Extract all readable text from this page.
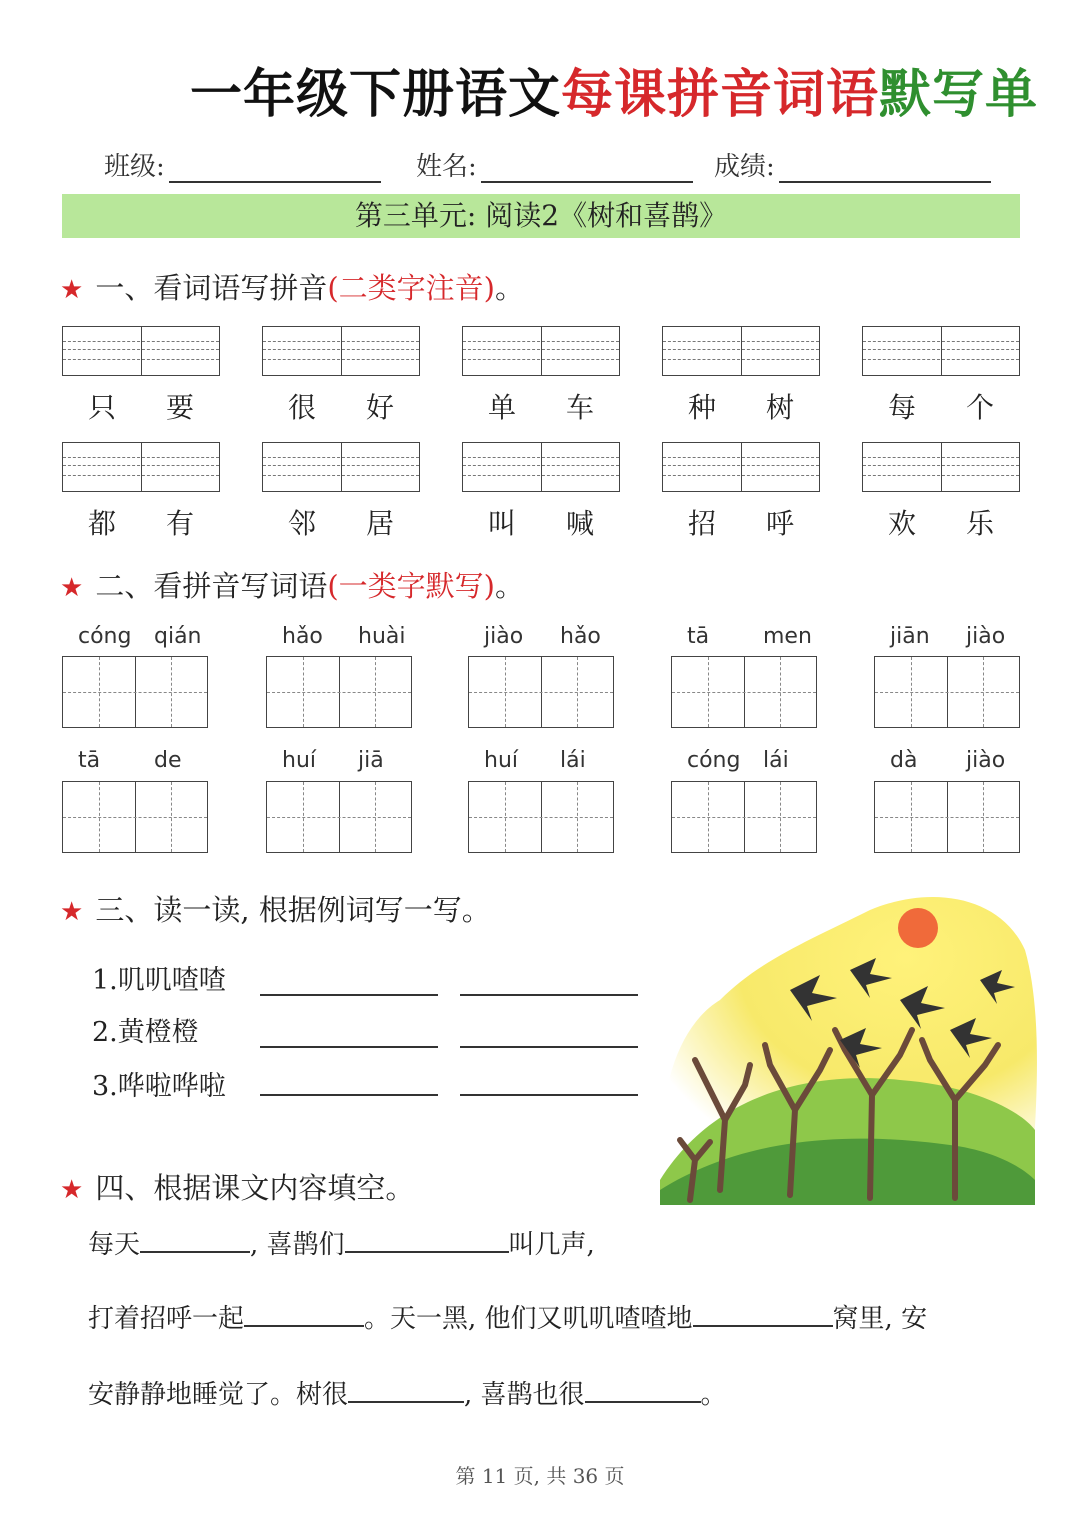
一年级下册语文每课拼音词语默写单
班级:	姓名:	成绩:
第三单元: 阅读2《树和喜鹊》
★ 一、看词语写拼音(二类字注音)。
只 要	很 好	单 车	种 树	每 个
都 有	邻 居	叫 喊	招 呼	欢 乐
★ 二、看拼音写词语(一类字默写)。
cóng qián	hǎo huài	jiào hǎo	tā men	jiān jiào
tā de	huí jiā	huí lái	cóng lái	dà jiào
★ 三、读一读, 根据例词写一写。
1.叽叽喳喳
2.黄橙橙
3.哗啦哗啦
★ 四、根据课文内容填空。
每天	, 喜鹊们	叫几声,
打着招呼一起	。天一黑, 他们又叽叽喳喳地	窝里, 安
安静静地睡觉了。树很	, 喜鹊也很	。
第 11 页, 共 36 页
